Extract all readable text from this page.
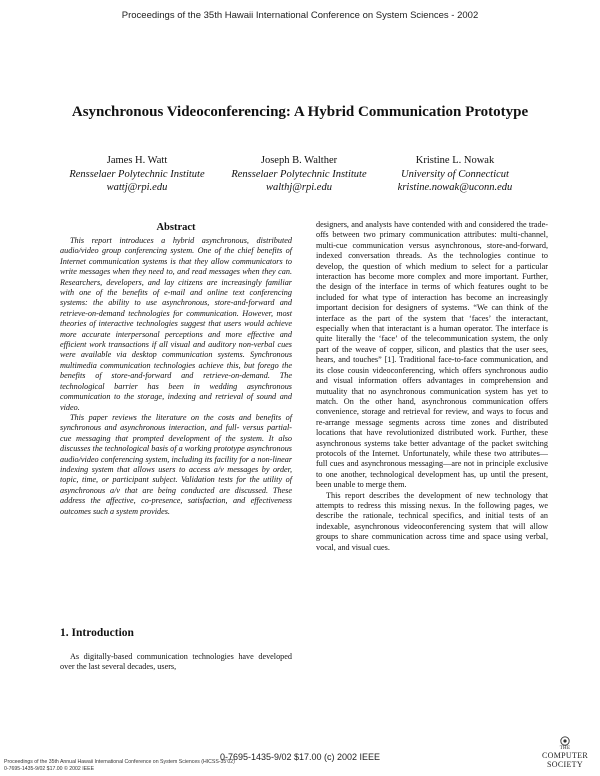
Proceedings of the 35th Hawaii International Conference on System Sciences - 2002
Asynchronous Videoconferencing: A Hybrid Communication Prototype
James H. Watt
Rensselaer Polytechnic Institute
wattj@rpi.edu
Joseph B. Walther
Rensselaer Polytechnic Institute
walthj@rpi.edu
Kristine L. Nowak
University of Connecticut
kristine.nowak@uconn.edu
Abstract

This report introduces a hybrid asynchronous, distributed audio/video group conferencing system. One of the chief benefits of Internet communication systems is that they allow communicators to write messages when they need to, and read messages when they can. Researchers, developers, and lay citizens are increasingly familiar with one of the benefits of e-mail and online text conferencing systems: the ability to use asynchronous, store-and-forward and retrieve-on-demand technologies for communication. However, most theories of interactive technologies suggest that users would achieve more accurate interpersonal perceptions and more effective and efficient work transactions if all visual and auditory non-verbal cues were available via desktop communication systems. Synchronous multimedia communication technologies achieve this, but forego the benefits of store-and-forward and retrieve-on-demand. The technological barrier has been in wedding asynchronous communication to the storage, indexing and retrieval of sound and video.

This paper reviews the literature on the costs and benefits of synchronous and asynchronous interaction, and full- versus partial-cue messaging that prompted development of the system. It also discusses the technological basis of a working prototype asynchronous audio/video conferencing system, including its facility for a non-linear indexing system that allows users to access a/v messages by order, topic, time, or participant subject. Validation tests for the utility of asynchronous a/v that are being conducted are discussed. These address the affective, co-presence, satisfaction, and effectiveness outcomes such a system provides.

1. Introduction

As digitally-based communication technologies have developed over the last several decades, users,

designers, and analysts have contended with and considered the trade-offs between two primary communication attributes: multi-channel, multi-cue communication versus asynchronous, store-and-forward, indexed conversation threads. As the technologies continue to develop, the question of which medium to select for a particular interaction has become more complex and more important. Further, the design of the interface in terms of which features ought to be included for what type of interaction has become an increasingly important decision for designers of systems. “We can think of the interface as the part of the system that ‘faces’ the interactant, especially when that interactant is a human operator. The interface is quite literally the ‘face’ of the telecommunication system, the only part of the weave of copper, silicon, and plastics that the user sees, hears, and touches” [1]. Traditional face-to-face communication, and its close cousin videoconferencing, which offers synchronous audio and visual information offers advantages in comprehension and mutuality that no asynchronous communication system has yet to match. On the other hand, asynchronous communication offers convenience, storage and retrieval for review, and ways to focus and re-arrange message segments across time zones and distributed locations that have revolutionized distributed work. Further, these asynchronous systems take better advantage of the packet switching protocols of the Internet. Unfortunately, while these two attributes—full cues and asynchronous messaging—are not in principle exclusive to one another, technological development has, up until the present, been unable to merge them.

This report describes the development of new technology that attempts to redress this missing nexus. In the following pages, we describe the rationale, technical specifics, and initial tests of an indexable, asynchronous videoconferencing system that will allow groups to share communication across time and space using verbal, vocal, and visual cues.

0-7695-1435-9/02 $17.00 (c) 2002 IEEE
Proceedings of the 35th Annual Hawaii International Conference on System Sciences (HICSS-35'02)
0-7695-1435-9/02 $17.00 © 2002 IEEE
THE
COMPUTER
SOCIETY
